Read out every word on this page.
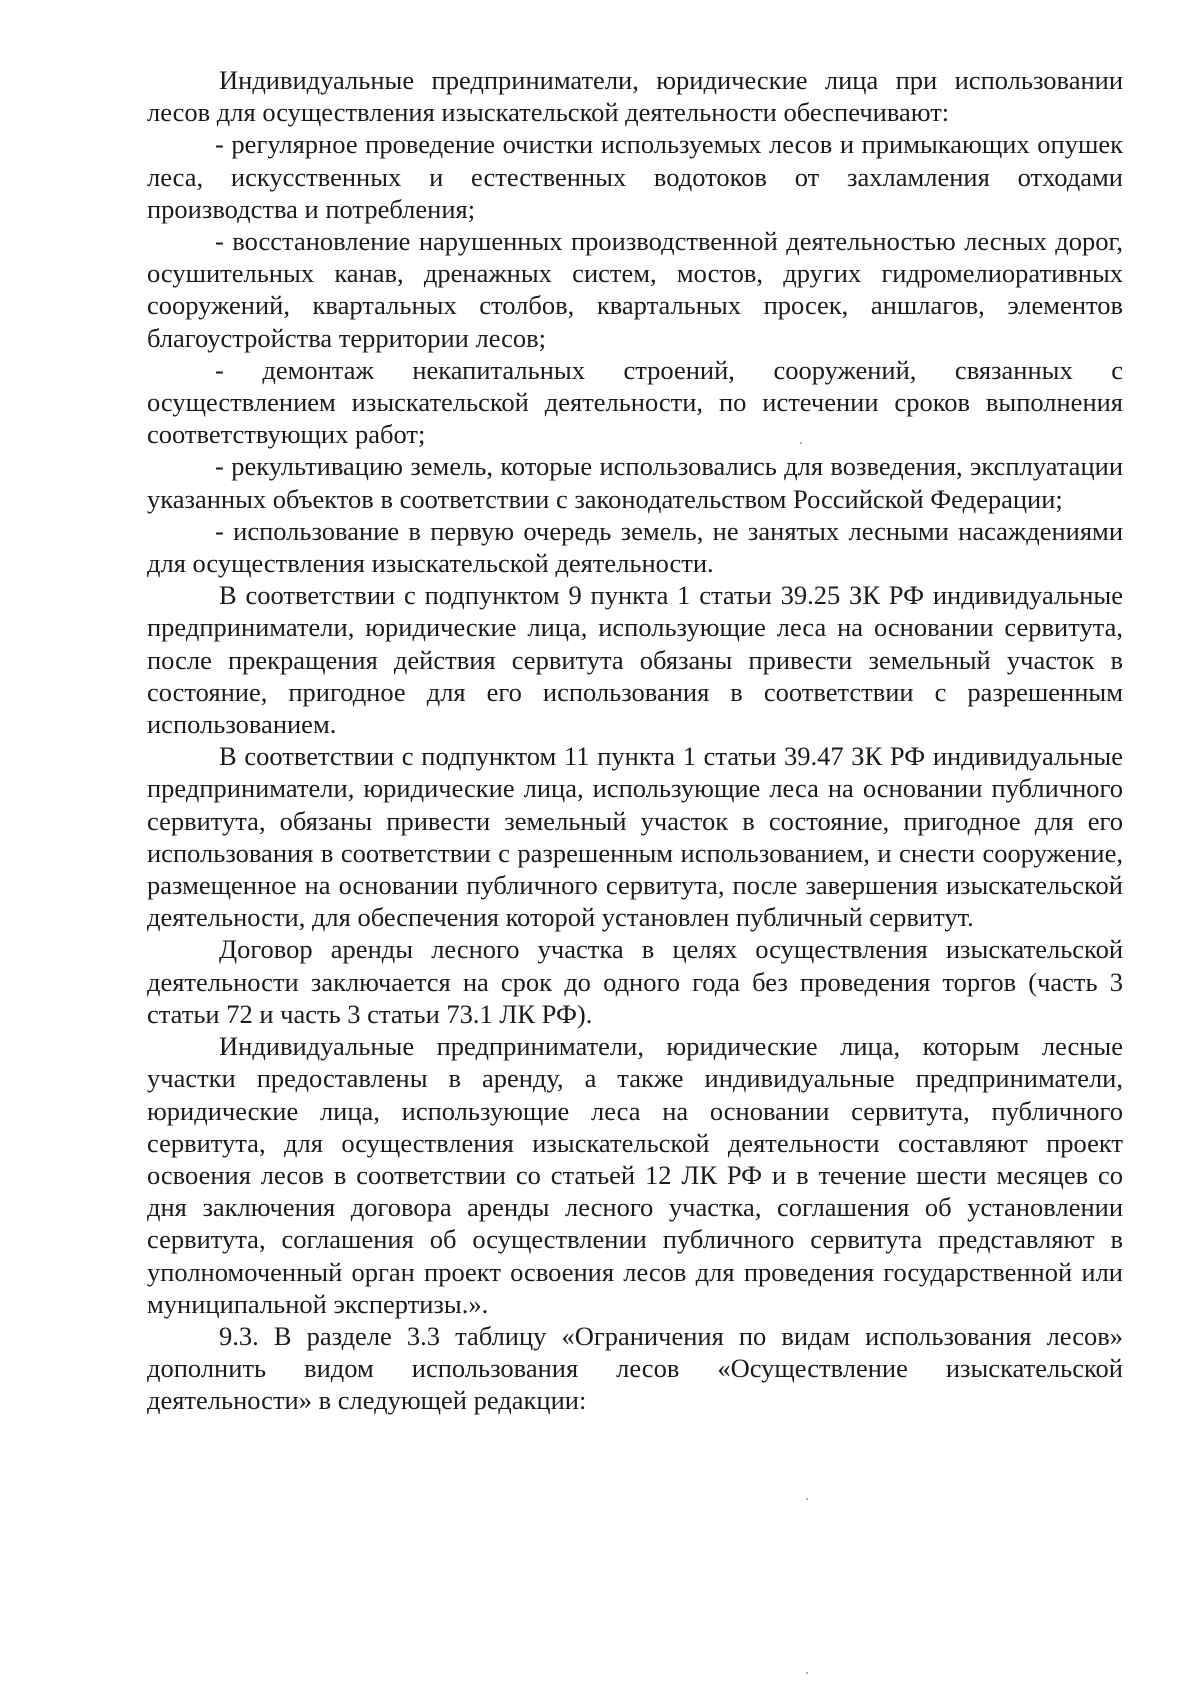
Индивидуальные предприниматели, юридические лица при использовании лесов для осуществления изыскательской деятельности обеспечивают:

- регулярное проведение очистки используемых лесов и примыкающих опушек леса, искусственных и естественных водотоков от захламления отходами производства и потребления;

- восстановление нарушенных производственной деятельностью лесных дорог, осушительных канав, дренажных систем, мостов, других гидромелиоративных сооружений, квартальных столбов, квартальных просек, аншлагов, элементов благоустройства территории лесов;

- демонтаж некапитальных строений, сооружений, связанных с осуществлением изыскательской деятельности, по истечении сроков выполнения соответствующих работ;

- рекультивацию земель, которые использовались для возведения, эксплуатации указанных объектов в соответствии с законодательством Российской Федерации;

- использование в первую очередь земель, не занятых лесными насаждениями для осуществления изыскательской деятельности.

В соответствии с подпунктом 9 пункта 1 статьи 39.25 ЗК РФ индивидуальные предприниматели, юридические лица, использующие леса на основании сервитута, после прекращения действия сервитута обязаны привести земельный участок в состояние, пригодное для его использования в соответствии с разрешенным использованием.

В соответствии с подпунктом 11 пункта 1 статьи 39.47 ЗК РФ индивидуальные предприниматели, юридические лица, использующие леса на основании публичного сервитута, обязаны привести земельный участок в состояние, пригодное для его использования в соответствии с разрешенным использованием, и снести сооружение, размещенное на основании публичного сервитута, после завершения изыскательской деятельности, для обеспечения которой установлен публичный сервитут.

Договор аренды лесного участка в целях осуществления изыскательской деятельности заключается на срок до одного года без проведения торгов (часть 3 статьи 72 и часть 3 статьи 73.1 ЛК РФ).

Индивидуальные предприниматели, юридические лица, которым лесные участки предоставлены в аренду, а также индивидуальные предприниматели, юридические лица, использующие леса на основании сервитута, публичного сервитута, для осуществления изыскательской деятельности составляют проект освоения лесов в соответствии со статьей 12 ЛК РФ и в течение шести месяцев со дня заключения договора аренды лесного участка, соглашения об установлении сервитута, соглашения об осуществлении публичного сервитута представляют в уполномоченный орган проект освоения лесов для проведения государственной или муниципальной экспертизы.».

9.3. В разделе 3.3 таблицу «Ограничения по видам использования лесов» дополнить видом использования лесов «Осуществление изыскательской деятельности» в следующей редакции:
